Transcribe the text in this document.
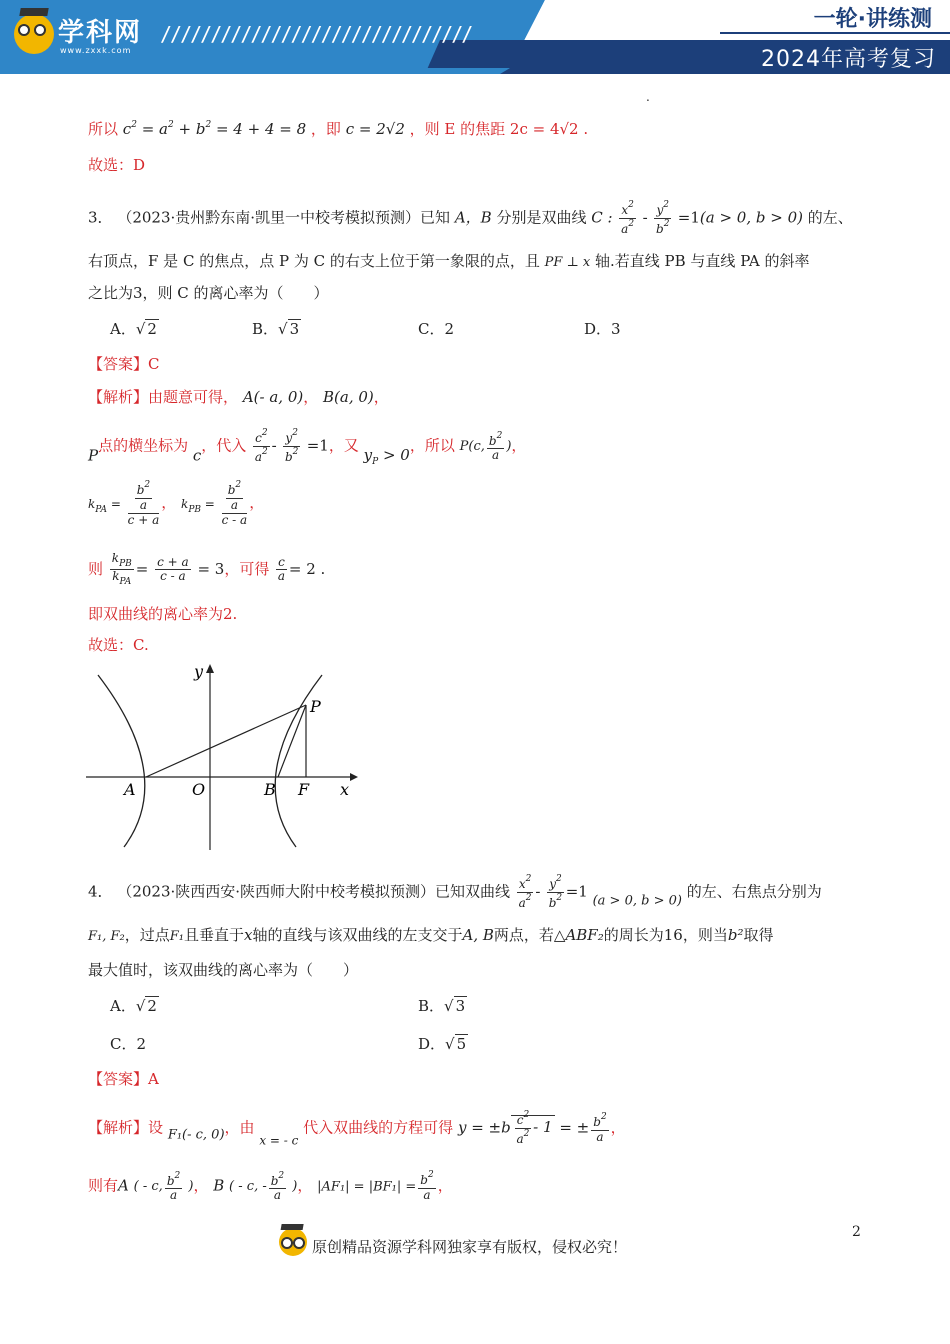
学科网
www.zxxk.com
///////////////////////////////
一轮·讲练测
2024年高考复习
.
所以 $c^2 = a^2 + b^2 = 4 + 4 = 8$ ，即 c = 2√2 ，则 E 的焦距 2c = 4√2 .
故选：D
3． （2023·贵州黔东南·凯里一中校考模拟预测）已知 A，B 分别是双曲线 C : $\frac{x^2}{a^2} - \frac{y^2}{b^2} =1(a > 0$, b > 0) 的左、
右顶点，F 是 C 的焦点，点 P 为 C 的右支上位于第一象限的点，且 PF ⊥ x 轴.若直线 PB 与直线 PA 的斜率
之比为3，则 C 的离心率为（　　）
A．√ 2	B．√ 3	C．2	D．3
【答案】C
【解析】由题意可得， A(- a, 0)， B(a, 0)，
P点的横坐标为 c，代入 $\frac{c^2}{a^2} - \frac{y^2}{b^2} =1$，又 $y_P > 0$，所以 P(c, $\frac{b^2}{a}$ )，
$k_{PA} = \frac{\frac{b^2}{a}}{c + a}$ ， $k_{PB} = \frac{\frac{b^2}{a}}{c - a}$ ，
则 $\frac{k_{PB}}{k_{PA}} = \frac{c + a}{c - a} = 3$，可得 $\frac{c}{a} = 2$ .
即双曲线的离心率为2.
故选：C.
y
x
O
A	B F
P
4． （2023·陕西西安·陕西师大附中校考模拟预测）已知双曲线 $\frac{x^2}{a^2} - \frac{y^2}{b^2} =1$ (a > 0, b > 0) 的左、右焦点分别为
F₁, F₂，过点F₁且垂直于x轴的直线与该双曲线的左支交于A, B两点，若△ABF₂的周长为16，则当b²取得
最大值时，该双曲线的离心率为（　　）
A．√ 2	B．√ 3
C．2	D．√ 5
【答案】A
【解析】设 F₁(- c, 0)，由 $_{x = - c}$ 代入双曲线的方程可得 $y = \pm b \frac{c^2}{a^2} - 1$ = ± $\frac{b^2}{a}$ ，
则有A ( - c, $\frac{b^2}{a}$ )， B ( - c, - $\frac{b^2}{a}$ )， $|AF_1| = |BF_1| = \frac{b^2}{a}$ ，
原创精品资源学科网独家享有版权，侵权必究！
2
